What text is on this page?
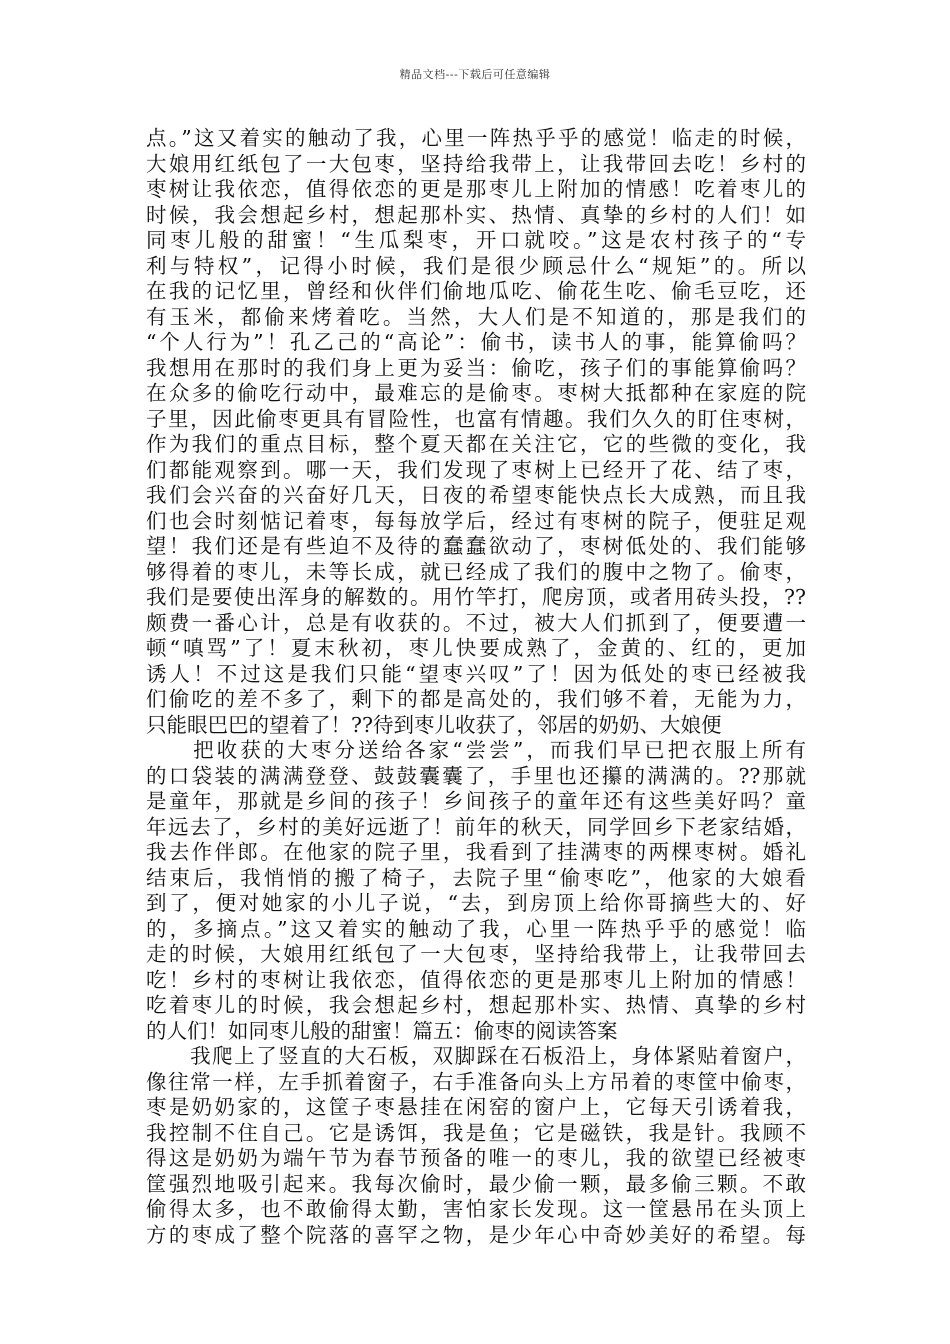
精品文档---下载后可任意编辑
点。”这又着实的触动了我，心里一阵热乎乎的感觉！临走的时候，
大娘用红纸包了一大包枣，坚持给我带上，让我带回去吃！乡村的
枣树让我依恋，值得依恋的更是那枣儿上附加的情感！吃着枣儿的
时候，我会想起乡村，想起那朴实、热情、真挚的乡村的人们！如
同枣儿般的甜蜜！“生瓜梨枣，开口就咬。”这是农村孩子的“专
利与特权”，记得小时候，我们是很少顾忌什么“规矩”的。所以
在我的记忆里，曾经和伙伴们偷地瓜吃、偷花生吃、偷毛豆吃，还
有玉米，都偷来烤着吃。当然，大人们是不知道的，那是我们的
“个人行为”！孔乙己的“高论”：偷书，读书人的事，能算偷吗？
我想用在那时的我们身上更为妥当：偷吃，孩子们的事能算偷吗？
在众多的偷吃行动中，最难忘的是偷枣。枣树大抵都种在家庭的院
子里，因此偷枣更具有冒险性，也富有情趣。我们久久的盯住枣树，
作为我们的重点目标，整个夏天都在关注它，它的些微的变化，我
们都能观察到。哪一天，我们发现了枣树上已经开了花、结了枣，
我们会兴奋的兴奋好几天，日夜的希望枣能快点长大成熟，而且我
们也会时刻惦记着枣，每每放学后，经过有枣树的院子，便驻足观
望！我们还是有些迫不及待的蠢蠢欲动了，枣树低处的、我们能够
够得着的枣儿，未等长成，就已经成了我们的腹中之物了。偷枣，
我们是要使出浑身的解数的。用竹竿打，爬房顶，或者用砖头投，??
颇费一番心计，总是有收获的。不过，被大人们抓到了，便要遭一
顿“嗔骂”了！夏末秋初，枣儿快要成熟了，金黄的、红的，更加
诱人！不过这是我们只能“望枣兴叹”了！因为低处的枣已经被我
们偷吃的差不多了，剩下的都是高处的，我们够不着，无能为力，
只能眼巴巴的望着了！??待到枣儿收获了，邻居的奶奶、大娘便
　　把收获的大枣分送给各家“尝尝”，而我们早已把衣服上所有
的口袋装的满满登登、鼓鼓囊囊了，手里也还攥的满满的。??那就
是童年，那就是乡间的孩子！乡间孩子的童年还有这些美好吗？童
年远去了，乡村的美好远逝了！前年的秋天，同学回乡下老家结婚，
我去作伴郎。在他家的院子里，我看到了挂满枣的两棵枣树。婚礼
结束后，我悄悄的搬了椅子，去院子里“偷枣吃”，他家的大娘看
到了，便对她家的小儿子说，“去，到房顶上给你哥摘些大的、好
的，多摘点。”这又着实的触动了我，心里一阵热乎乎的感觉！临
走的时候，大娘用红纸包了一大包枣，坚持给我带上，让我带回去
吃！乡村的枣树让我依恋，值得依恋的更是那枣儿上附加的情感！
吃着枣儿的时候，我会想起乡村，想起那朴实、热情、真挚的乡村
的人们！如同枣儿般的甜蜜！篇五：偷枣的阅读答案
　　我爬上了竖直的大石板，双脚踩在石板沿上，身体紧贴着窗户，
像往常一样，左手抓着窗子，右手准备向头上方吊着的枣筐中偷枣，
枣是奶奶家的，这筐子枣悬挂在闲窑的窗户上，它每天引诱着我，
我控制不住自己。它是诱饵，我是鱼；它是磁铁，我是针。我顾不
得这是奶奶为端午节为春节预备的唯一的枣儿，我的欲望已经被枣
筐强烈地吸引起来。我每次偷时，最少偷一颗，最多偷三颗。不敢
偷得太多，也不敢偷得太勤，害怕家长发现。这一筐悬吊在头顶上
方的枣成了整个院落的喜罕之物，是少年心中奇妙美好的希望。每
